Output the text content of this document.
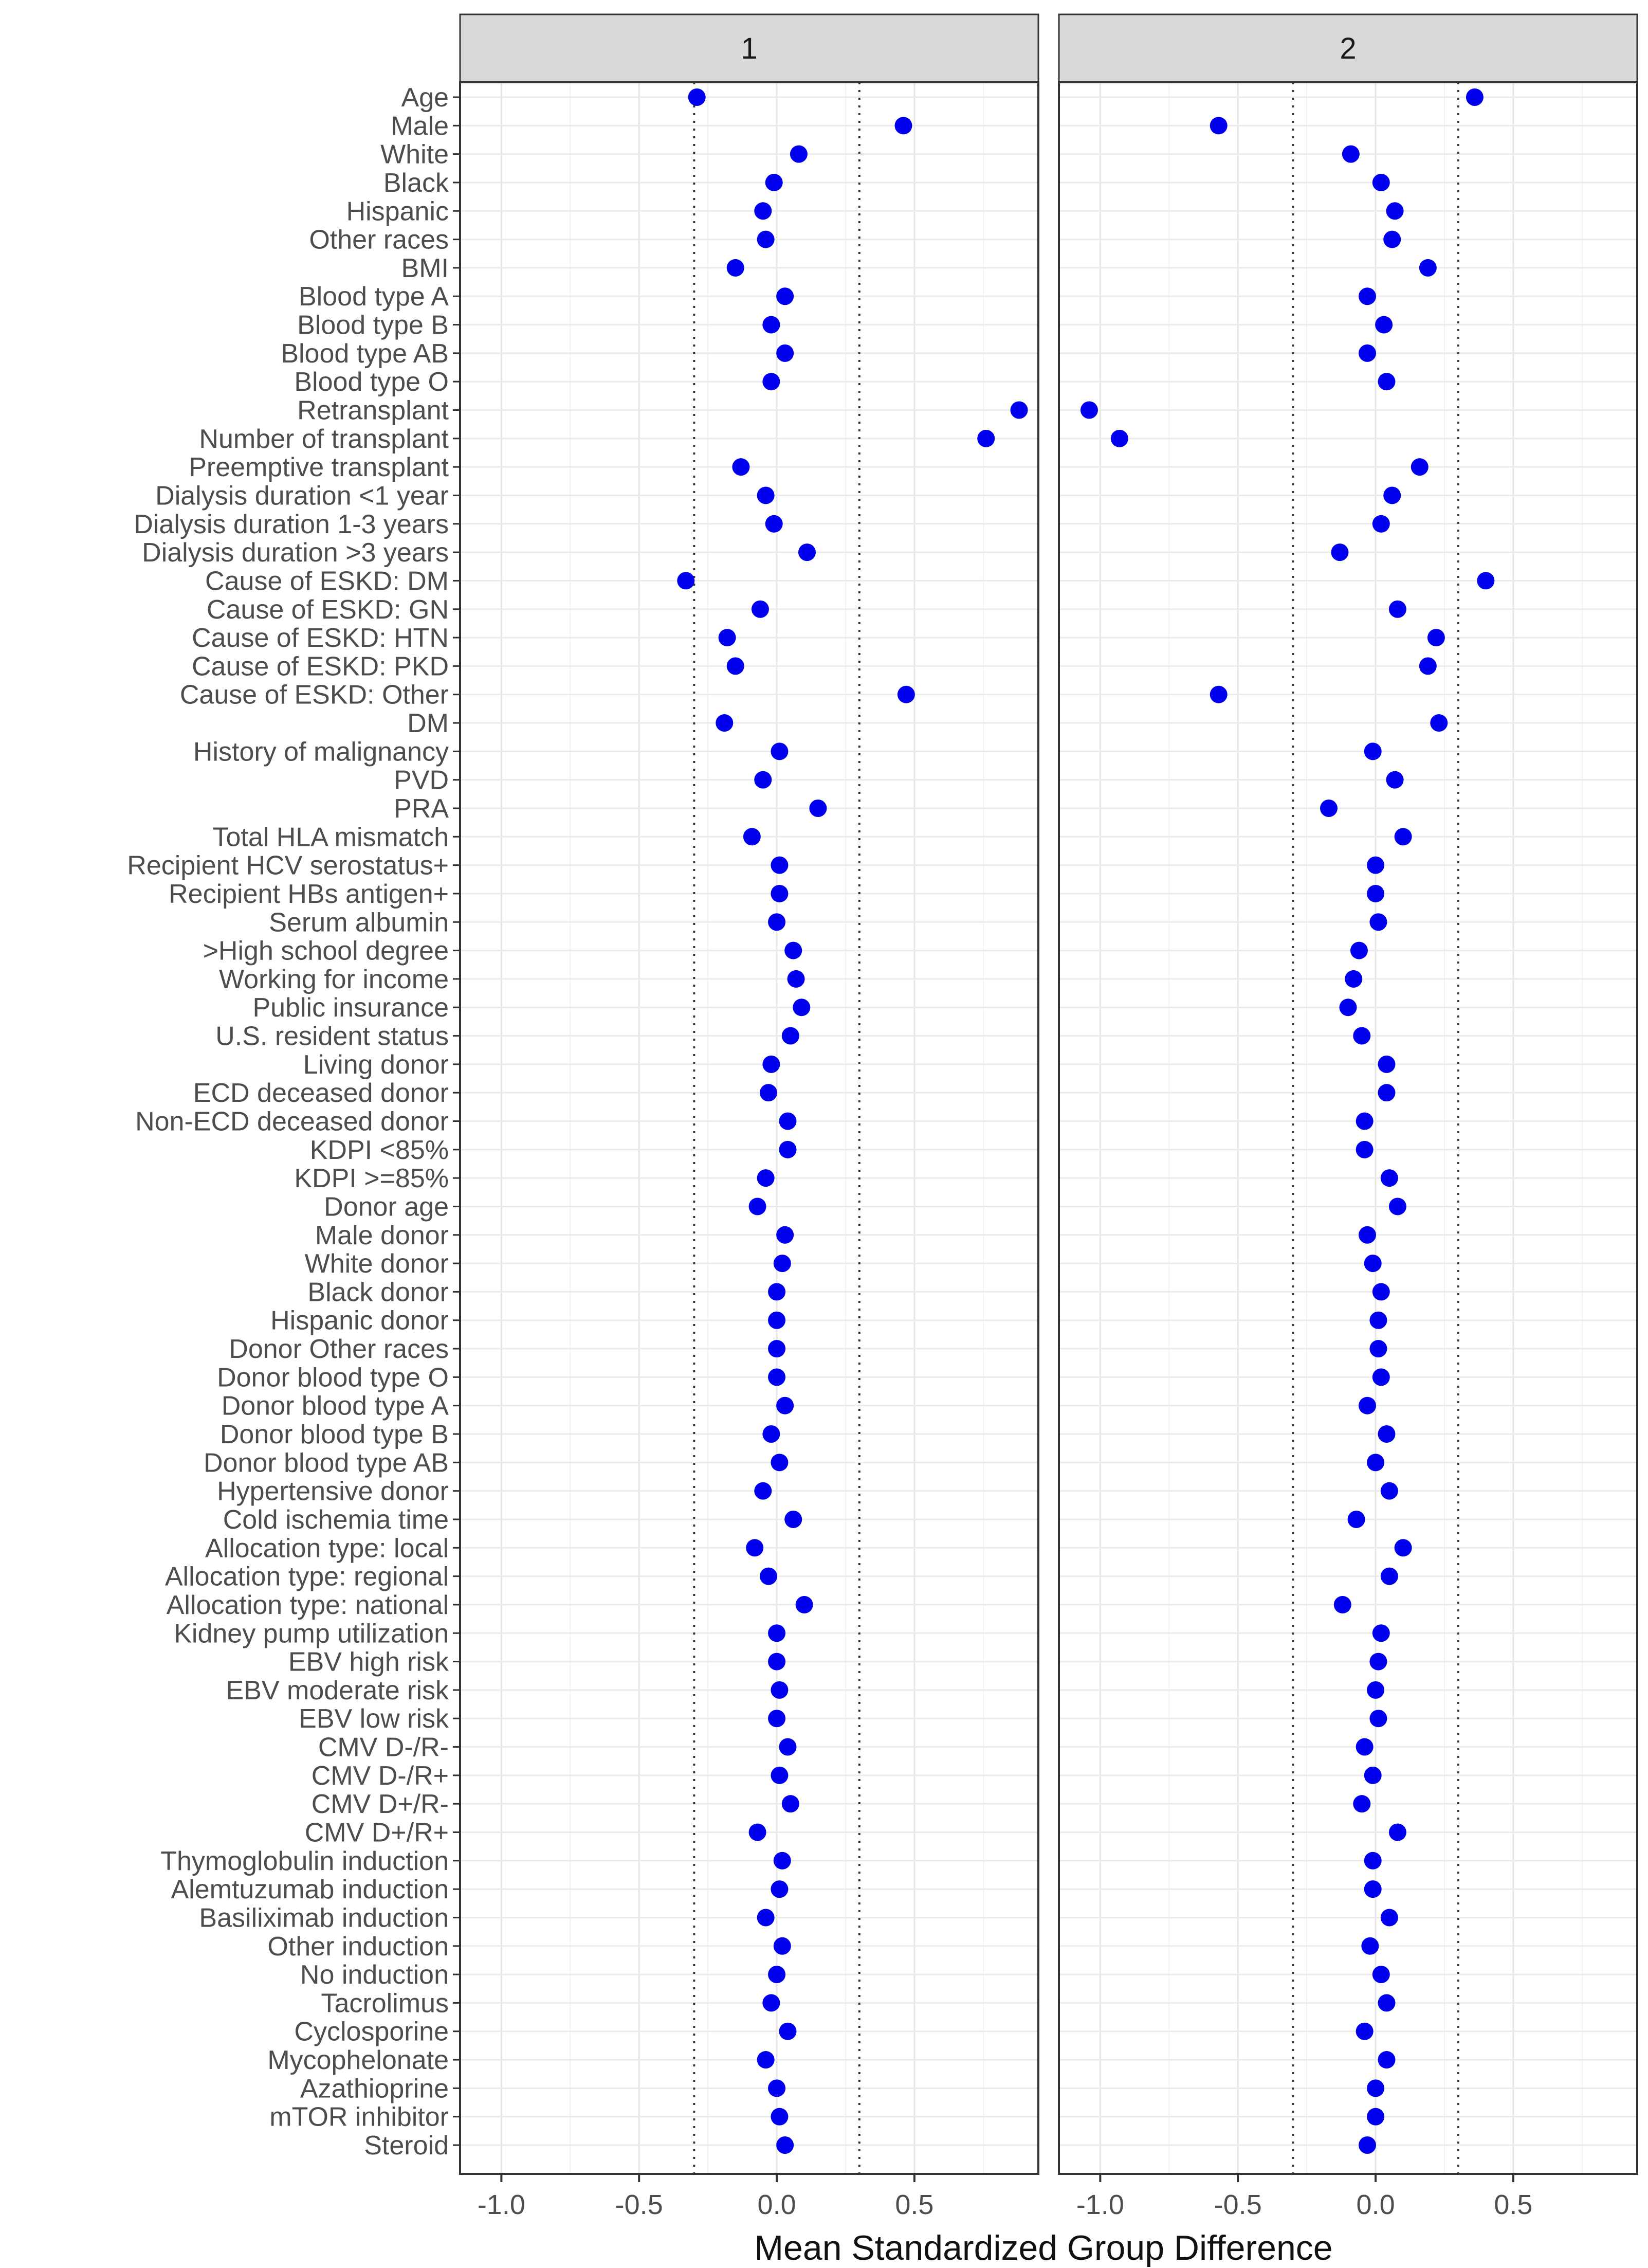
1
-1.0	-0.5	0.0	0.5
2
-1.0	-0.5	0.0	0.5
Age
Male
White
Black
Hispanic
Other races
BMI
Blood type A
Blood type B
Blood type AB
Blood type O
Retransplant
Number of transplant
Preemptive transplant
Dialysis duration <1 year
Dialysis duration 1-3 years
Dialysis duration >3 years
Cause of ESKD: DM
Cause of ESKD: GN
Cause of ESKD: HTN
Cause of ESKD: PKD
Cause of ESKD: Other
DM
History of malignancy
PVD
PRA
Total HLA mismatch
Recipient HCV serostatus+
Recipient HBs antigen+
Serum albumin
>High school degree
Working for income
Public insurance
U.S. resident status
Living donor
ECD deceased donor
Non-ECD deceased donor
KDPI <85%
KDPI >=85%
Donor age
Male donor
White donor
Black donor
Hispanic donor
Donor Other races
Donor blood type O
Donor blood type A
Donor blood type B
Donor blood type AB
Hypertensive donor
Cold ischemia time
Allocation type: local
Allocation type: regional
Allocation type: national
Kidney pump utilization
EBV high risk
EBV moderate risk
EBV low risk
CMV D-/R-
CMV D-/R+
CMV D+/R-
CMV D+/R+
Thymoglobulin induction
Alemtuzumab induction
Basiliximab induction
Other induction
No induction
Tacrolimus
Cyclosporine
Mycophelonate
Azathioprine
mTOR inhibitor
Steroid
Mean Standardized Group Difference
